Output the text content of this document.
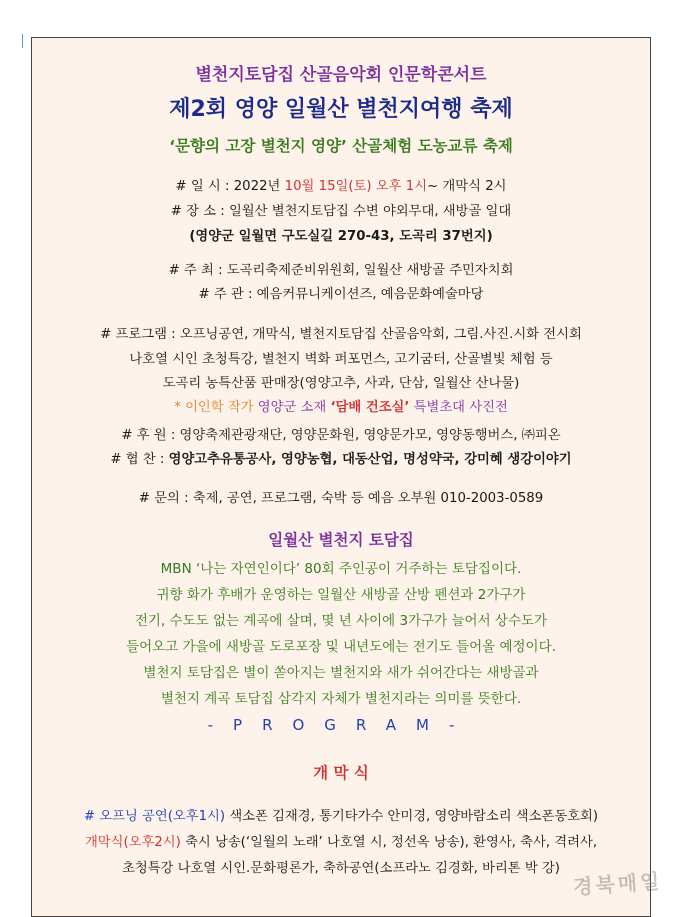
별천지토담집 산골음악회 인문학콘서트
제2회 영양 일월산 별천지여행 축제
‘문향의 고장 별천지 영양’ 산골체험 도농교류 축제
# 일 시 : 2022년 10월 15일(토) 오후 1시~ 개막식 2시
# 장 소 : 일월산 별천지토담집 수변 야외무대, 새방골 일대
(영양군 일월면 구도실길 270-43, 도곡리 37번지)
# 주 최 : 도곡리축제준비위원회, 일월산 새방골 주민자치회
# 주 관 : 예음커뮤니케이션즈, 예음문화예술마당
# 프로그램 : 오프닝공연, 개막식, 별천지토담집 산골음악회, 그림.사진.시화 전시회
나호열 시인 초청특강, 별천지 벽화 퍼포먼스, 고기굼터, 산골별빛 체험 등
도곡리 농특산품 판매장(영양고추, 사과, 단삼, 일월산 산나물)
* 이인학 작가 영양군 소재 ‘담배 건조실’ 특별초대 사진전
# 후 원 : 영양축제관광재단, 영양문화원, 영양문가모, 영양동행버스, ㈜피온
# 협 찬 : 영양고추유통공사, 영양농협, 대동산업, 명성약국, 강미혜 생강이야기
# 문의 : 축제, 공연, 프로그램, 숙박 등 예음 오부원 010-2003-0589
일월산 별천지 토담집
MBN ‘나는 자연인이다’ 80회 주인공이 거주하는 토담집이다.
귀향 화가 후배가 운영하는 일월산 새방골 산방 펜션과 2가구가
전기, 수도도 없는 계곡에 살며, 몇 년 사이에 3가구가 늘어서 상수도가
들어오고 가을에 새방골 도로포장 및 내년도에는 전기도 들어올 예정이다.
별천지 토담집은 별이 쏟아지는 별천지와 새가 쉬어간다는 새방골과
별천지 계곡 토담집 삼각지 자체가 별천지라는 의미를 뜻한다.
-PROGRAM-
개 막 식
# 오프닝 공연(오후1시) 색소폰 김재경, 통기타가수 안미경, 영양바람소리 색소폰동호회)
개막식(오후2시) 축시 낭송(‘일월의 노래’ 나호열 시, 정선옥 낭송), 환영사, 축사, 격려사,
초청특강 나호열 시인.문화평론가, 축하공연(소프라노 김경화, 바리톤 박 강)
경북매일
